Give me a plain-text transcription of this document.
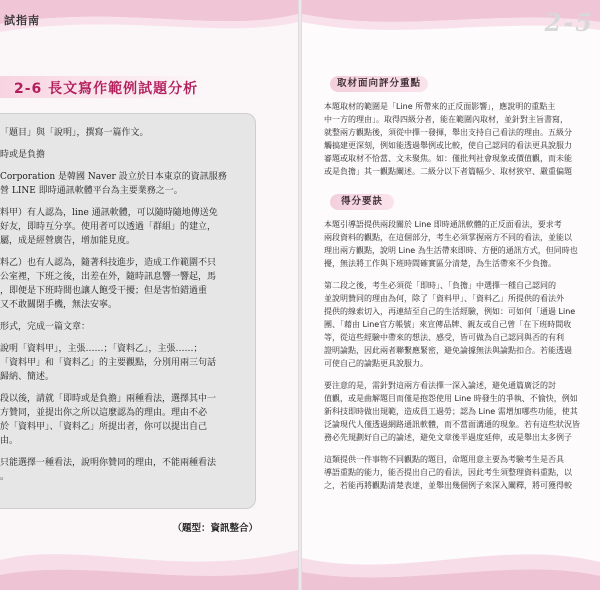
試指南
2-6 長文寫作範例試題分析

「題目」與「說明」，撰寫一篇作文。

時或是負擔

Corporation 是韓國 Naver 設立於日本東京的資訊服務

營 LINE 即時通訊軟體平台為主要業務之一。

料甲）有人認為，line 通訊軟體，可以隨時隨地傳送免

好友，即時互分享。使用者可以透過「群組」的建立，

屬，成是經營廣告，增加能見度。

料乙）也有人認為，隨著科技進步，造成工作範圍不只

公室裡，下班之後，出差在外，隨時訊息響一響起，馬

，即便是下班時間也讓人飽受干擾；但是害怕錯過重

又不敢關閉手機，無法安寧。

形式，完成一篇文章：

說明「資料甲」，主張……；「資料乙」，主張……；

「資料甲」和「資料乙」的主要觀點，分別用兩三句話

歸納、簡述。

段以後，請就「即時或是負擔」兩種看法，選擇其中一

方贊同，並提出你之所以這麼認為的理由。理由不必

於「資料甲」、「資料乙」所提出者，你可以提出自己

由。

只能選擇一種看法，說明你贊同的理由，不能兩種看法

。

（題型：資訊整合）
2-5
取材面向評分重點

本題取材的範圍是「Line 所帶來的正反面影響」，應說明的重點主

中一方的理由」。取得四級分者，能在範圍內取材，並針對主旨書寫，

就整兩方觀點後，須從中擇一發揮，舉出支持自己看法的理由。五級分

觸搞建更深刻，例如能透過舉例或比較，使自己認同的看法更具說服力

審題或取材不恰當、文未聚焦。如：僅批判社會現象或價值觀，而未能

或是負擔」其一觀點闡述。二級分以下者篇幅少、取材狹窄、嚴重偏題

得分要訣

本題引導語提供兩段關於 Line 即時通訊軟體的正反面看法，要求考

兩段資料的觀點，在這個部分，考生必須掌握兩方不同的看法，並能以

理出兩方觀點，說明 Line 為生活帶來即時、方便的通訊方式，但同時也

擾，無法將工作與下班時間確實區分清楚，為生活帶來不少負擔。

第二段之後，考生必須從「即時」、「負擔」中選擇一種自己認同的

並說明贊同的理由為何，除了「資料甲」、「資料乙」所提供的看法外

提供的線索切入，再連結至自己的生活經驗，例如：可如何「通過 Line

團、「藉由 Line官方帳號」來宣傳品牌、親友或自己曾「在下班時間收

等，從這些經驗中帶來的想法、感受，皆可做為自己認同與否的有利

證明論點，因此兩者聯繫應緊密，避免論據無法與論點扣合。若能透過

可使自己的論點更具說服力。

要注意的是，需針對這兩方看法擇一深入論述，避免通篇廣泛的討

值觀，或是曲解題目而僅是抱怨使用 Line 時發生的爭執、不愉快，例如

新科技即時做出規範，造成員工過勞；認為 Line 需增加哪些功能，使其

泛論現代人僅透過網路通訊軟體，而不當面溝通的現象。若有這些狀況皆

務必先規劃好自己的論述，避免文章後半過度延伸，或是舉出太多例子

這類提供一件事物不同觀點的題目，命題用意主要為考驗考生是否具

導語重點的能力，能否提出自己的看法，因此考生須整理資料重點，以

之，若能再將觀點清楚表達，並舉出幾個例子來深入闡釋，將可獲得較
